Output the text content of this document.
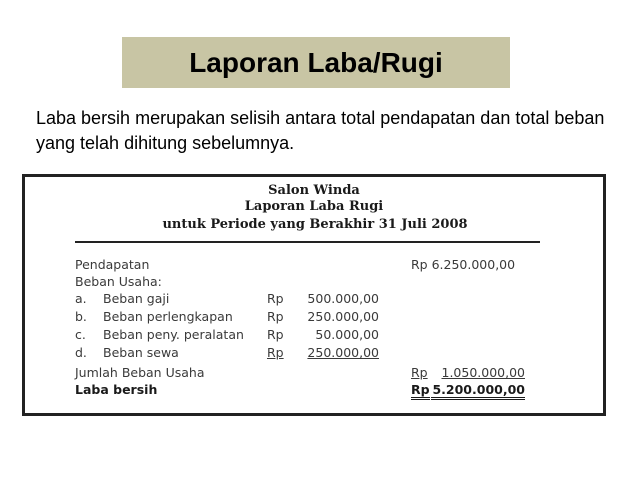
Laporan Laba/Rugi
Laba bersih merupakan selisih antara total pendapatan dan total beban yang telah dihitung sebelumnya.
Salon Winda
Laporan Laba Rugi
untuk Periode yang Berakhir 31 Juli 2008
Pendapatan	Rp 6.250.000,00
Beban Usaha:
a. Beban gaji	Rp	500.000,00
b. Beban perlengkapan	Rp	250.000,00
c. Beban peny. peralatan Rp	50.000,00
d. Beban sewa	Rp	250.000,00
Jumlah Beban Usaha	Rp	1.050.000,00
Laba bersih	Rp 5.200.000,00
